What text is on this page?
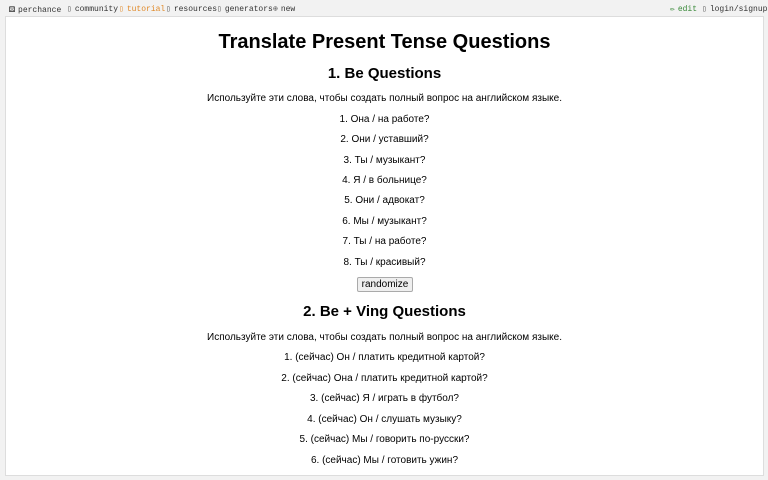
⚄ perchance ▯ community ▯ tutorial ▯ resources ▯ generators ⊕ new	✏ edit ▯ login/signup
Translate Present Tense Questions
1. Be Questions
Используйте эти слова, чтобы создать полный вопрос на английском языке.
1. Она / на работе?
2. Они / уставший?
3. Ты / музыкант?
4. Я / в больнице?
5. Они / адвокат?
6. Мы / музыкант?
7. Ты / на работе?
8. Ты / красивый?
randomize
2. Be + Ving Questions
Используйте эти слова, чтобы создать полный вопрос на английском языке.
1. (сейчас) Он / платить кредитной картой?
2. (сейчас) Она / платить кредитной картой?
3. (сейчас) Я / играть в футбол?
4. (сейчас) Он / слушать музыку?
5. (сейчас) Мы / говорить по-русски?
6. (сейчас) Мы / готовить ужин?
